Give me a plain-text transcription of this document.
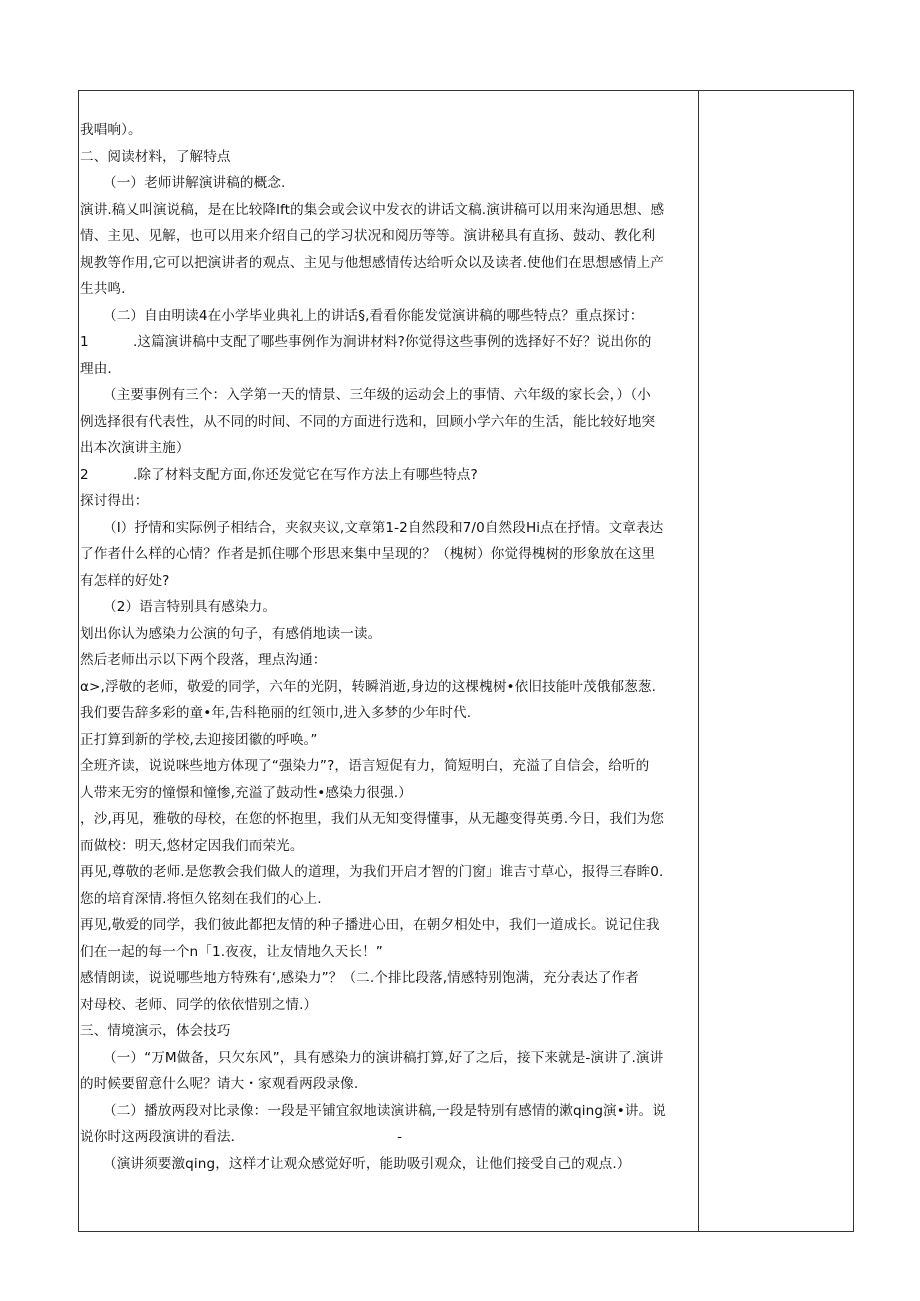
我唱响）。
二、阅读材料，了解特点
（一）老师讲解演讲稿的概念.
演讲.稿乂叫演说稿，是在比较降lft的集会或会议中发衣的讲话文稿.演讲稿可以用来沟通思想、感
情、主见、见解，也可以用来介绍自己的学习状况和阅历等等。演讲秘具有直扬、鼓动、教化利
规教等作用,它可以把演讲者的观点、主见与他想感情传达给听众以及读者.使他们在思想感情上产
生共鸣.
（二）自由明读4在小学毕业典礼上的讲话§,看看你能发觉演讲稿的哪些特点？重点探讨：
1	.这篇演讲稿中支配了哪些事例作为涧讲材料?你觉得这些事例的选择好不好？说出你的
理由.
（主要事例有三个：入学第一天的情景、三年级的运动会上的事情、六年级的家长会，）（小
例选择很有代表性，从不同的时间、不同的方面进行选和，回顾小学六年的生活，能比较好地突
出本次演讲主施）
2	.除了材料支配方面,你还发觉它在写作方法上有哪些特点?
探讨得出：
（I）抒情和实际例子相结合，夹叙夹议,文章第1-2自然段和7/0自然段Hi点在抒情。文章表达
了作者什么样的心情？作者是抓住哪个形思来集中呈现的？（槐树）你觉得槐树的形象放在这里
有怎样的好处?
（2）语言特别具有感染力。
划出你认为感染力公演的句子，有感俏地读一读。
然后老师出示以下两个段落，理点沟通：
α>,浮敬的老师，敬爱的同学，六年的光阴，转瞬消逝,身边的这棵槐树•依旧技能叶茂俄郁葱葱.
我们要告辞多彩的童•年,告科艳丽的红领巾,进入多梦的少年时代.
正打算到新的学校,去迎接团徽的呼唤。”
全班齐读，说说咪些地方体现了“强染力”?，语言短促有力，简短明白，充溢了自信会，给听的
人带来无穷的憧憬和憧惨,充溢了鼓动性•感染力很强.）
，沙,再见，雅敬的母校，在您的怀抱里，我们从无知变得懂事，从无趣变得英勇.今日，我们为您
而做校：明天,悠材定因我们而荣光。
再见,尊敬的老师.是您教会我们做人的道理，为我们开启才智的门窗」谁吉寸草心，报得三春眸0.
您的培育深情.将恒久铭刻在我们的心上.
再见,敬爱的同学，我们彼此都把友情的种子播进心田，在朝夕相处中，我们一道成长。说记住我
们在一起的每一个n「1.夜夜，让友情地久天长！”
感情朗读，说说哪些地方特殊有‘,感染力”？（二.个排比段落,情感特别饱满，充分表达了作者
对母校、老师、同学的依依惜别之情.）
三、情境演示，体会技巧
（一）“万M做备，只欠东风”，具有感染力的演讲稿打算,好了之后，接下来就是-演讲了.演讲
的时候要留意什么呢？请大・家观看两段录像.
（二）播放两段对比录像：一段是平铺宜叙地读演讲稿,一段是特别有感情的漱qing演•讲。说
说你时这两段演讲的看法.	-
（演讲须要激qing，这样才让观众感觉好听，能助吸引观众，让他们接受自己的观点.）
